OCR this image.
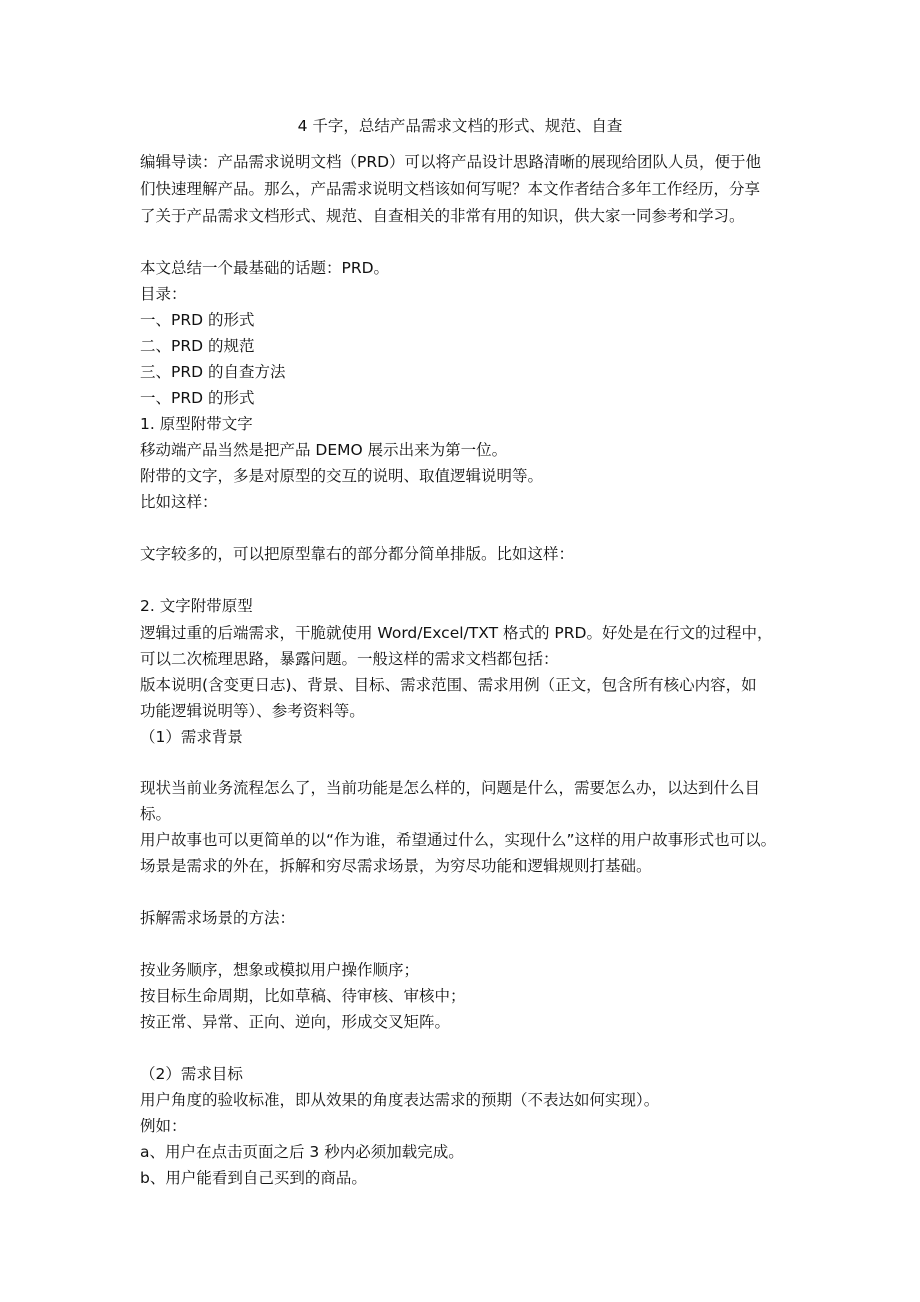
4 千字，总结产品需求文档的形式、规范、自查
编辑导读：产品需求说明文档（PRD）可以将产品设计思路清晰的展现给团队人员，便于他
们快速理解产品。那么，产品需求说明文档该如何写呢？本文作者结合多年工作经历，分享
了关于产品需求文档形式、规范、自查相关的非常有用的知识，供大家一同参考和学习。
本文总结一个最基础的话题：PRD。
目录：
一、PRD 的形式
二、PRD 的规范
三、PRD 的自查方法
一、PRD 的形式
1. 原型附带文字
移动端产品当然是把产品 DEMO 展示出来为第一位。
附带的文字，多是对原型的交互的说明、取值逻辑说明等。
比如这样：
文字较多的，可以把原型靠右的部分都分简单排版。比如这样：
2. 文字附带原型
逻辑过重的后端需求，干脆就使用 Word/Excel/TXT 格式的 PRD。好处是在行文的过程中，
可以二次梳理思路，暴露问题。一般这样的需求文档都包括：
版本说明(含变更日志)、背景、目标、需求范围、需求用例（正文，包含所有核心内容，如
功能逻辑说明等）、参考资料等。
（1）需求背景
现状当前业务流程怎么了，当前功能是怎么样的，问题是什么，需要怎么办，以达到什么目
标。
用户故事也可以更简单的以“作为谁，希望通过什么，实现什么”这样的用户故事形式也可以。
场景是需求的外在，拆解和穷尽需求场景，为穷尽功能和逻辑规则打基础。
拆解需求场景的方法：
按业务顺序，想象或模拟用户操作顺序；
按目标生命周期，比如草稿、待审核、审核中；
按正常、异常、正向、逆向，形成交叉矩阵。
（2）需求目标
用户角度的验收标准，即从效果的角度表达需求的预期（不表达如何实现）。
例如：
a、用户在点击页面之后 3 秒内必须加载完成。
b、用户能看到自己买到的商品。
